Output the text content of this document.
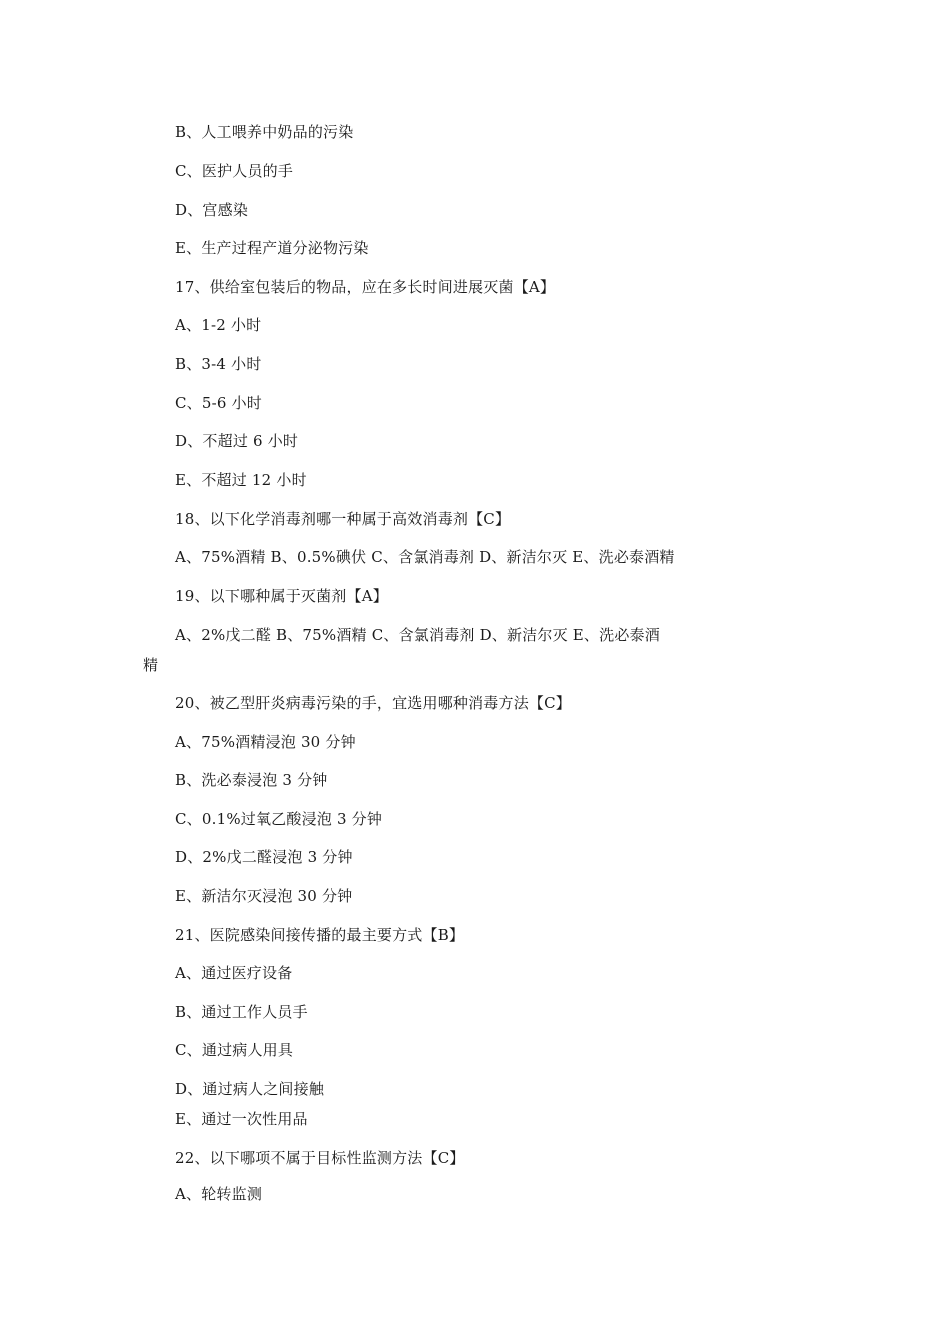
B、人工喂养中奶品的污染
C、医护人员的手
D、宫感染
E、生产过程产道分泌物污染
17、供给室包装后的物品，应在多长时间进展灭菌【A】
A、1-2 小时
B、3-4 小时
C、5-6 小时
D、不超过 6 小时
E、不超过 12 小时
18、以下化学消毒剂哪一种属于高效消毒剂【C】
A、75%酒精 B、0.5%碘伏 C、含氯消毒剂 D、新洁尔灭 E、洗必泰酒精
19、以下哪种属于灭菌剂【A】
A、2%戊二醛 B、75%酒精 C、含氯消毒剂 D、新洁尔灭 E、洗必泰酒
精
20、被乙型肝炎病毒污染的手，宜选用哪种消毒方法【C】
A、75%酒精浸泡 30 分钟
B、洗必泰浸泡 3 分钟
C、0.1%过氧乙酸浸泡 3 分钟
D、2%戊二醛浸泡 3 分钟
E、新洁尔灭浸泡 30 分钟
21、医院感染间接传播的最主要方式【B】
A、通过医疗设备
B、通过工作人员手
C、通过病人用具
D、通过病人之间接触
E、通过一次性用品
22、以下哪项不属于目标性监测方法【C】
A、轮转监测
